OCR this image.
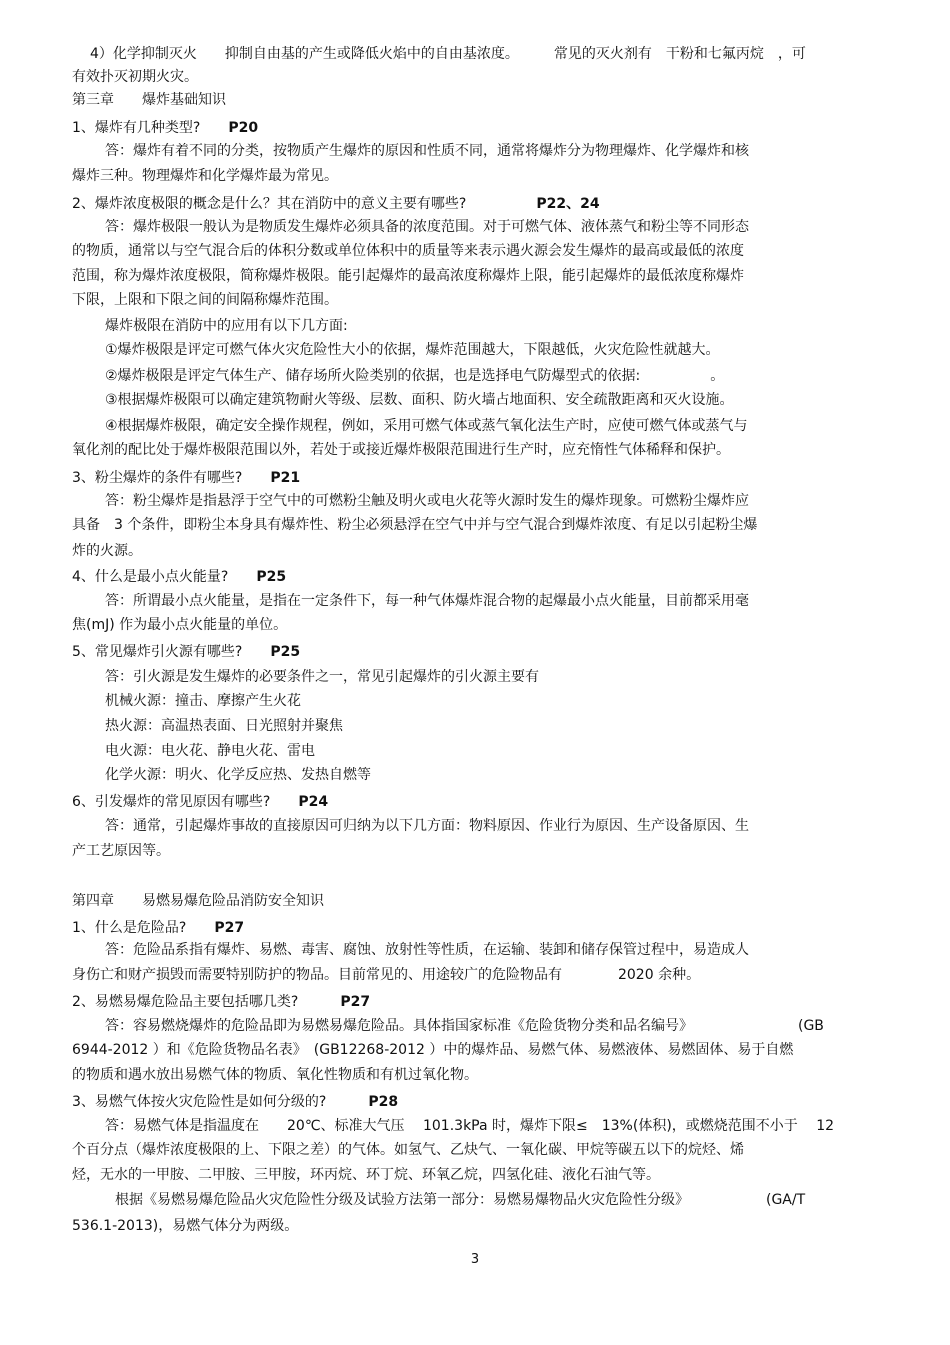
4）化学抑制灭火　　抑制自由基的产生或降低火焰中的自由基浓度。　　　常见的灭火剂有　干粉和七氟丙烷　，可
有效扑灭初期火灾。
第三章　　爆炸基础知识
1、爆炸有几种类型?　　P20
答：爆炸有着不同的分类，按物质产生爆炸的原因和性质不同，通常将爆炸分为物理爆炸、化学爆炸和核
爆炸三种。物理爆炸和化学爆炸最为常见。
2、爆炸浓度极限的概念是什么？其在消防中的意义主要有哪些?　　　　　P22、24
答：爆炸极限一般认为是物质发生爆炸必须具备的浓度范围。对于可燃气体、液体蒸气和粉尘等不同形态
的物质，通常以与空气混合后的体积分数或单位体积中的质量等来表示遇火源会发生爆炸的最高或最低的浓度
范围，称为爆炸浓度极限，简称爆炸极限。能引起爆炸的最高浓度称爆炸上限，能引起爆炸的最低浓度称爆炸
下限，上限和下限之间的间隔称爆炸范围。
爆炸极限在消防中的应用有以下几方面:
①爆炸极限是评定可燃气体火灾危险性大小的依据，爆炸范围越大，下限越低，火灾危险性就越大。
②爆炸极限是评定气体生产、储存场所火险类别的依据，也是选择电气防爆型式的依据:　　　　　。
③根据爆炸极限可以确定建筑物耐火等级、层数、面积、防火墙占地面积、安全疏散距离和灭火设施。
④根据爆炸极限，确定安全操作规程，例如，采用可燃气体或蒸气氧化法生产时，应使可燃气体或蒸气与
氧化剂的配比处于爆炸极限范围以外，若处于或接近爆炸极限范围进行生产时，应充惰性气体稀释和保护。
3、粉尘爆炸的条件有哪些?　　P21
答：粉尘爆炸是指悬浮于空气中的可燃粉尘触及明火或电火花等火源时发生的爆炸现象。可燃粉尘爆炸应
具备　3 个条件，即粉尘本身具有爆炸性、粉尘必须悬浮在空气中并与空气混合到爆炸浓度、有足以引起粉尘爆
炸的火源。
4、什么是最小点火能量?　　P25
答：所谓最小点火能量，是指在一定条件下，每一种气体爆炸混合物的起爆最小点火能量，目前都采用毫
焦(mJ) 作为最小点火能量的单位。
5、常见爆炸引火源有哪些?　　P25
答：引火源是发生爆炸的必要条件之一，常见引起爆炸的引火源主要有
机械火源：撞击、摩擦产生火花
热火源：高温热表面、日光照射并聚焦
电火源：电火花、静电火花、雷电
化学火源：明火、化学反应热、发热自燃等
6、引发爆炸的常见原因有哪些?　　P24
答：通常，引起爆炸事故的直接原因可归纳为以下几方面：物料原因、作业行为原因、生产设备原因、生
产工艺原因等。
第四章　　易燃易爆危险品消防安全知识
1、什么是危险品?　　P27
答：危险品系指有爆炸、易燃、毒害、腐蚀、放射性等性质，在运输、装卸和储存保管过程中，易造成人
身伤亡和财产损毁而需要特别防护的物品。目前常见的、用途较广的危险物品有　　　　2020 余种。
2、易燃易爆危险品主要包括哪几类?　　　P27
答：容易燃烧爆炸的危险品即为易燃易爆危险品。具体指国家标准《危险货物分类和品名编号》　　　　　　　　(GB
6944-2012 ）和《危险货物品名表》　(GB12268-2012 ）中的爆炸品、易燃气体、易燃液体、易燃固体、易于自燃
的物质和遇水放出易燃气体的物质、氧化性物质和有机过氧化物。
3、易燃气体按火灾危险性是如何分级的?　　　P28
答：易燃气体是指温度在　　20℃、标准大气压　 101.3kPa 时，爆炸下限≤　13%(体积)，或燃烧范围不小于　 12
个百分点（爆炸浓度极限的上、下限之差）的气体。如氢气、乙炔气、一氧化碳、甲烷等碳五以下的烷烃、烯
烃，无水的一甲胺、二甲胺、三甲胺，环丙烷、环丁烷、环氧乙烷，四氢化硅、液化石油气等。
根据《易燃易爆危险品火灾危险性分级及试验方法第一部分：易燃易爆物品火灾危险性分级》　　　　　　(GA/T
536.1-2013)，易燃气体分为两级。
3
